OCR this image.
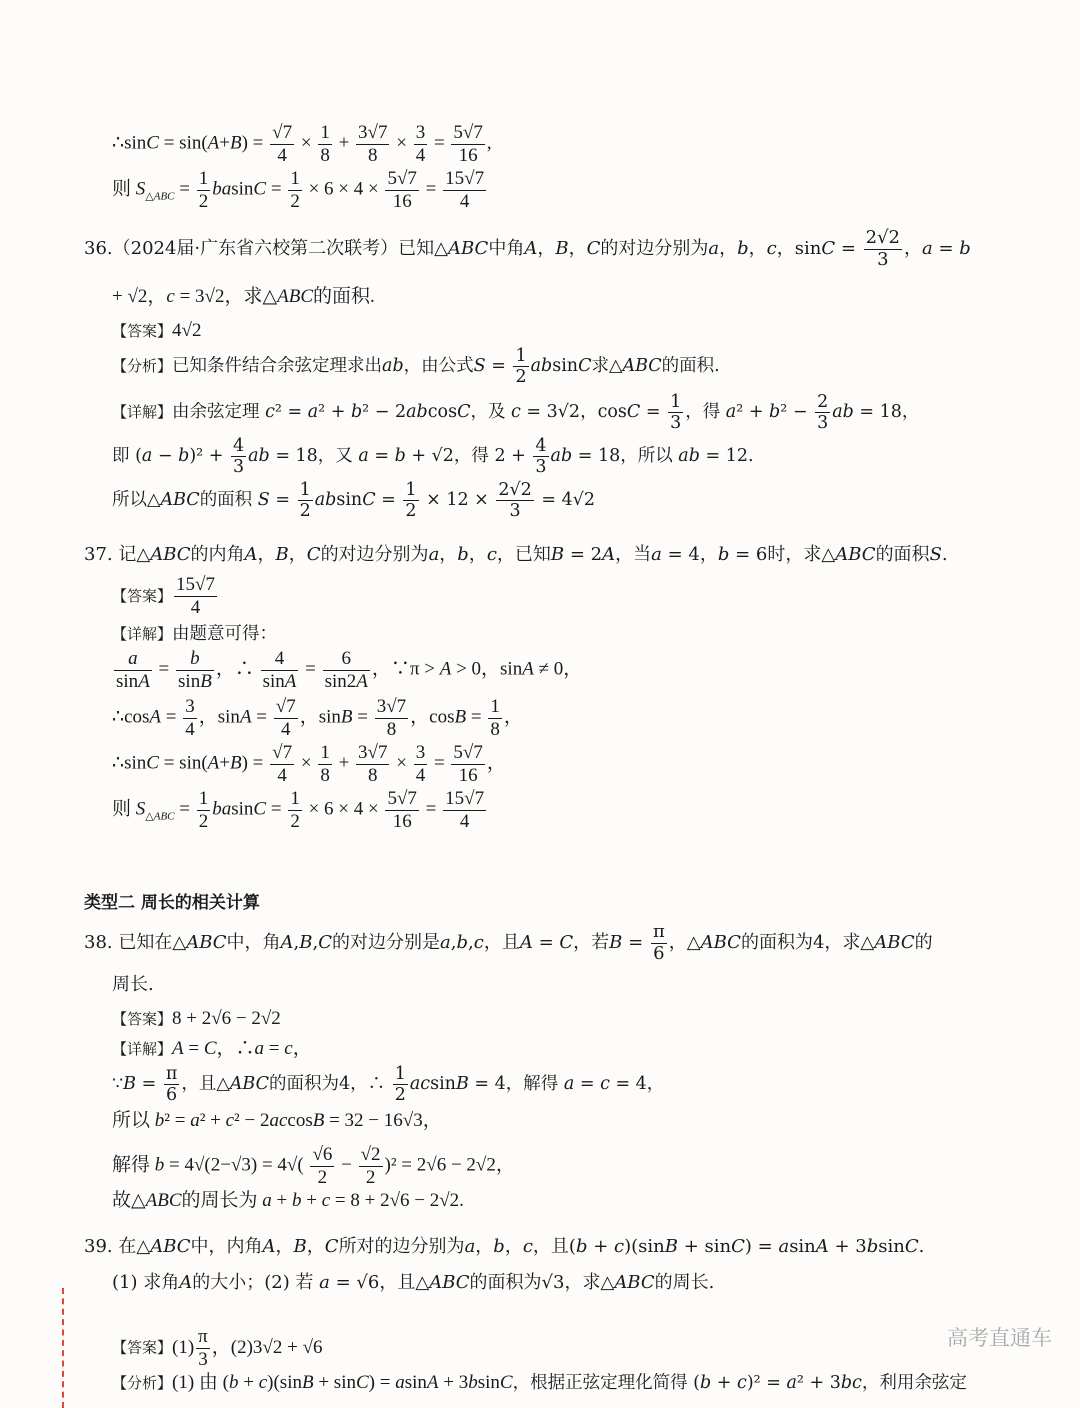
∴sinC = $\sin(A+B) = \frac{√7}{4} \times \frac{1}{8} + \frac{3√7}{8} \times \frac{3}{4} = \frac{5√7}{16}$ ,
则 $S_{\triangle ABC} = \frac{1}{2}$ $basinC = \frac{1}{2} \times 6 \times 4 \times \frac{5√7}{16} = \frac{15√7}{4}$
36.（2024届·广东省六校第二次联考）已知△ABC中角A，B，C的对边分别为a，b，c，$\sin C = \frac{2√2}{3}$ ，a = b
+ √2，c = 3√2，求△ABC的面积.
【答案】4√2
【分析】已知条件结合余弦定理求出ab，由公式$S = \frac{1}{2}$ absinC求△ABC的面积.
【详解】由余弦定理 c² = a² + b² − 2abcosC，及 c = 3√2，$\cos C = \frac{1}{3}$ ，得 $a^2 + b^2 - \frac{2}{3}$ ab = 18，
即 $(a - b)^2 + \frac{4}{3}$ ab = 18，又 a = b + √2，得 $2 + \frac{4}{3}$ ab = 18，所以 ab = 12.
所以△ABC的面积 $S = \frac{1}{2}$ $absinC = \frac{1}{2} \times 12 \times \frac{2√2}{3} = 4√2$
37. 记△ABC的内角A，B，C的对边分别为a，b，c，已知B = 2A，当a = 4，b = 6时，求△ABC的面积S.
【答案】 $\frac{15√7}{4}$
【详解】由题意可得：
$\frac{a}{\sin A} = \frac{b}{\sin B}$ ，∴ $\frac{4}{\sin A} = \frac{6}{\sin 2A}$ ，∵π > A > 0，sinA ≠ 0，
∴cosA = $\frac{3}{4}$ ，$\sin A = \frac{√7}{4}$ ，$\sin B = \frac{3√7}{8}$ ，$\cos B = \frac{1}{8}$ ，
∴sinC = $\sin(A+B) = \frac{√7}{4} \times \frac{1}{8} + \frac{3√7}{8} \times \frac{3}{4} = \frac{5√7}{16}$ ，
则 $S_{\triangle ABC} = \frac{1}{2}$ $basinC = \frac{1}{2} \times 6 \times 4 \times \frac{5√7}{16} = \frac{15√7}{4}$
类型二 周长的相关计算
38. 已知在△ABC中，角A,B,C的对边分别是a,b,c，且A = C，若$B = \frac{\pi}{6}$ ，△ABC的面积为4，求△ABC的
周长.
【答案】8 + 2√6 − 2√2
【详解】A = C，∴a = c，
∵B = $\frac{\pi}{6}$ ，且△ABC的面积为4，∴ $\frac{1}{2}$ acsinB = 4，解得 a = c = 4，
所以 b² = a² + c² − 2accosB = 32 − 16√3，
解得 $b = 4√(2-√3) = 4√( \frac{√6}{2} - \frac{√2}{2} )^2 = 2√6 - 2√2$，
故△ABC的周长为 a + b + c = 8 + 2√6 − 2√2.
39. 在△ABC中，内角A，B，C所对的边分别为a，b，c，且(b + c)(sinB + sinC) = asinA + 3bsinC.
(1) 求角A的大小；(2) 若 a = √6，且△ABC的面积为√3，求△ABC的周长.
【答案】$(1) \frac{\pi}{3}$ ，(2)3√2 + √6
【分析】(1) 由 (b + c)(sinB + sinC) = asinA + 3bsinC，根据正弦定理化简得 (b + c)² = a² + 3bc，利用余弦定
高考直通车
